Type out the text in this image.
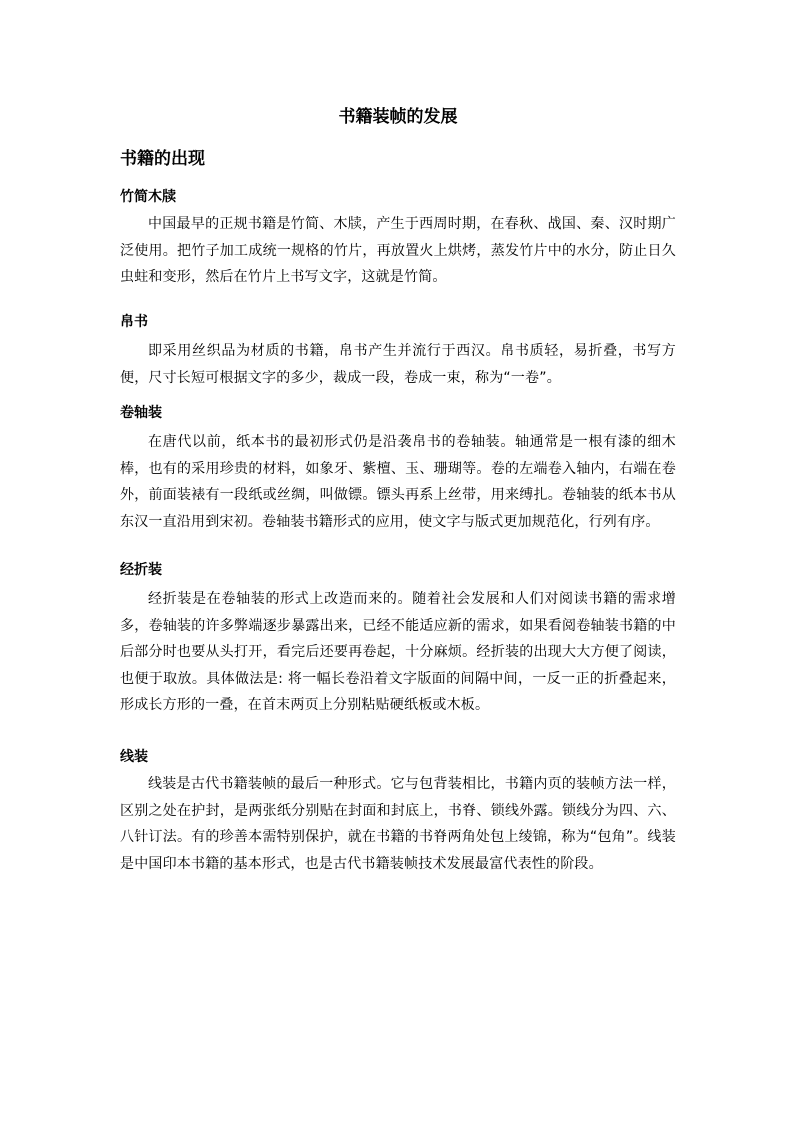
书籍装帧的发展
书籍的出现
竹简木牍

中国最早的正规书籍是竹简、木牍，产生于西周时期，在春秋、战国、秦、汉时期广泛使用。把竹子加工成统一规格的竹片，再放置火上烘烤，蒸发竹片中的水分，防止日久虫蛀和变形，然后在竹片上书写文字，这就是竹简。

帛书

即采用丝织品为材质的书籍，帛书产生并流行于西汉。帛书质轻，易折叠，书写方便，尺寸长短可根据文字的多少，裁成一段，卷成一束，称为“一卷”。

卷轴装

在唐代以前，纸本书的最初形式仍是沿袭帛书的卷轴装。轴通常是一根有漆的细木棒，也有的采用珍贵的材料，如象牙、紫檀、玉、珊瑚等。卷的左端卷入轴内，右端在卷外，前面装裱有一段纸或丝绸，叫做镖。镖头再系上丝带，用来缚扎。卷轴装的纸本书从东汉一直沿用到宋初。卷轴装书籍形式的应用，使文字与版式更加规范化，行列有序。

经折装

经折装是在卷轴装的形式上改造而来的。随着社会发展和人们对阅读书籍的需求增多，卷轴装的许多弊端逐步暴露出来，已经不能适应新的需求，如果看阅卷轴装书籍的中后部分时也要从头打开，看完后还要再卷起，十分麻烦。经折装的出现大大方便了阅读，也便于取放。具体做法是: 将一幅长卷沿着文字版面的间隔中间，一反一正的折叠起来，形成长方形的一叠，在首末两页上分别粘贴硬纸板或木板。

线装

线装是古代书籍装帧的最后一种形式。它与包背装相比，书籍内页的装帧方法一样，区别之处在护封，是两张纸分别贴在封面和封底上，书脊、锁线外露。锁线分为四、六、八针订法。有的珍善本需特别保护，就在书籍的书脊两角处包上绫锦，称为“包角”。线装是中国印本书籍的基本形式，也是古代书籍装帧技术发展最富代表性的阶段。
